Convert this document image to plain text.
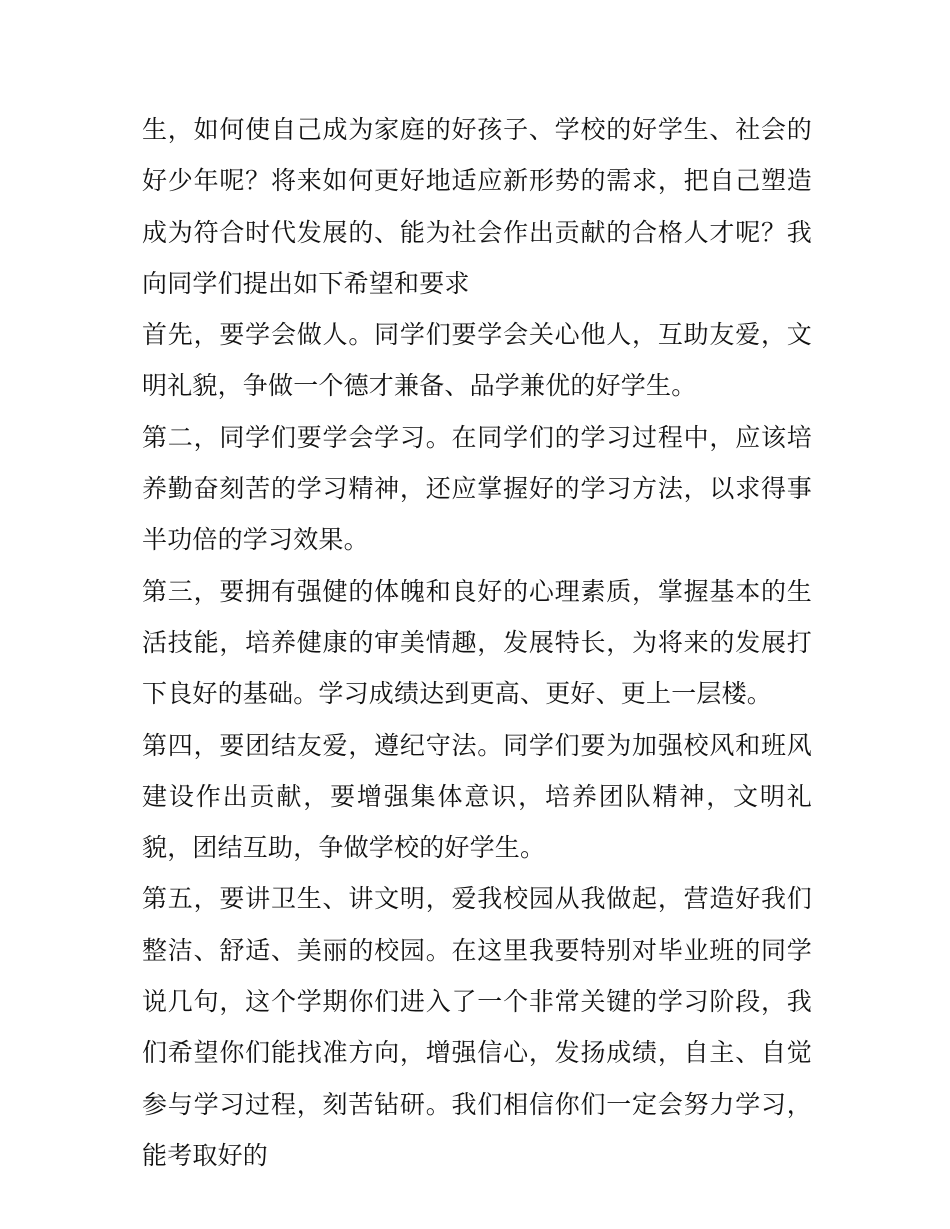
生，如何使自己成为家庭的好孩子、学校的好学生、社会的好少年呢？将来如何更好地适应新形势的需求，把自己塑造成为符合时代发展的、能为社会作出贡献的合格人才呢？我向同学们提出如下希望和要求

首先，要学会做人。同学们要学会关心他人，互助友爱，文明礼貌，争做一个德才兼备、品学兼优的好学生。

第二，同学们要学会学习。在同学们的学习过程中，应该培养勤奋刻苦的学习精神，还应掌握好的学习方法，以求得事半功倍的学习效果。

第三，要拥有强健的体魄和良好的心理素质，掌握基本的生活技能，培养健康的审美情趣，发展特长，为将来的发展打下良好的基础。学习成绩达到更高、更好、更上一层楼。

第四，要团结友爱，遵纪守法。同学们要为加强校风和班风建设作出贡献，要增强集体意识，培养团队精神，文明礼貌，团结互助，争做学校的好学生。

第五，要讲卫生、讲文明，爱我校园从我做起，营造好我们整洁、舒适、美丽的校园。在这里我要特别对毕业班的同学说几句，这个学期你们进入了一个非常关键的学习阶段，我们希望你们能找准方向，增强信心，发扬成绩，自主、自觉参与学习过程，刻苦钻研。我们相信你们一定会努力学习，能考取好的
